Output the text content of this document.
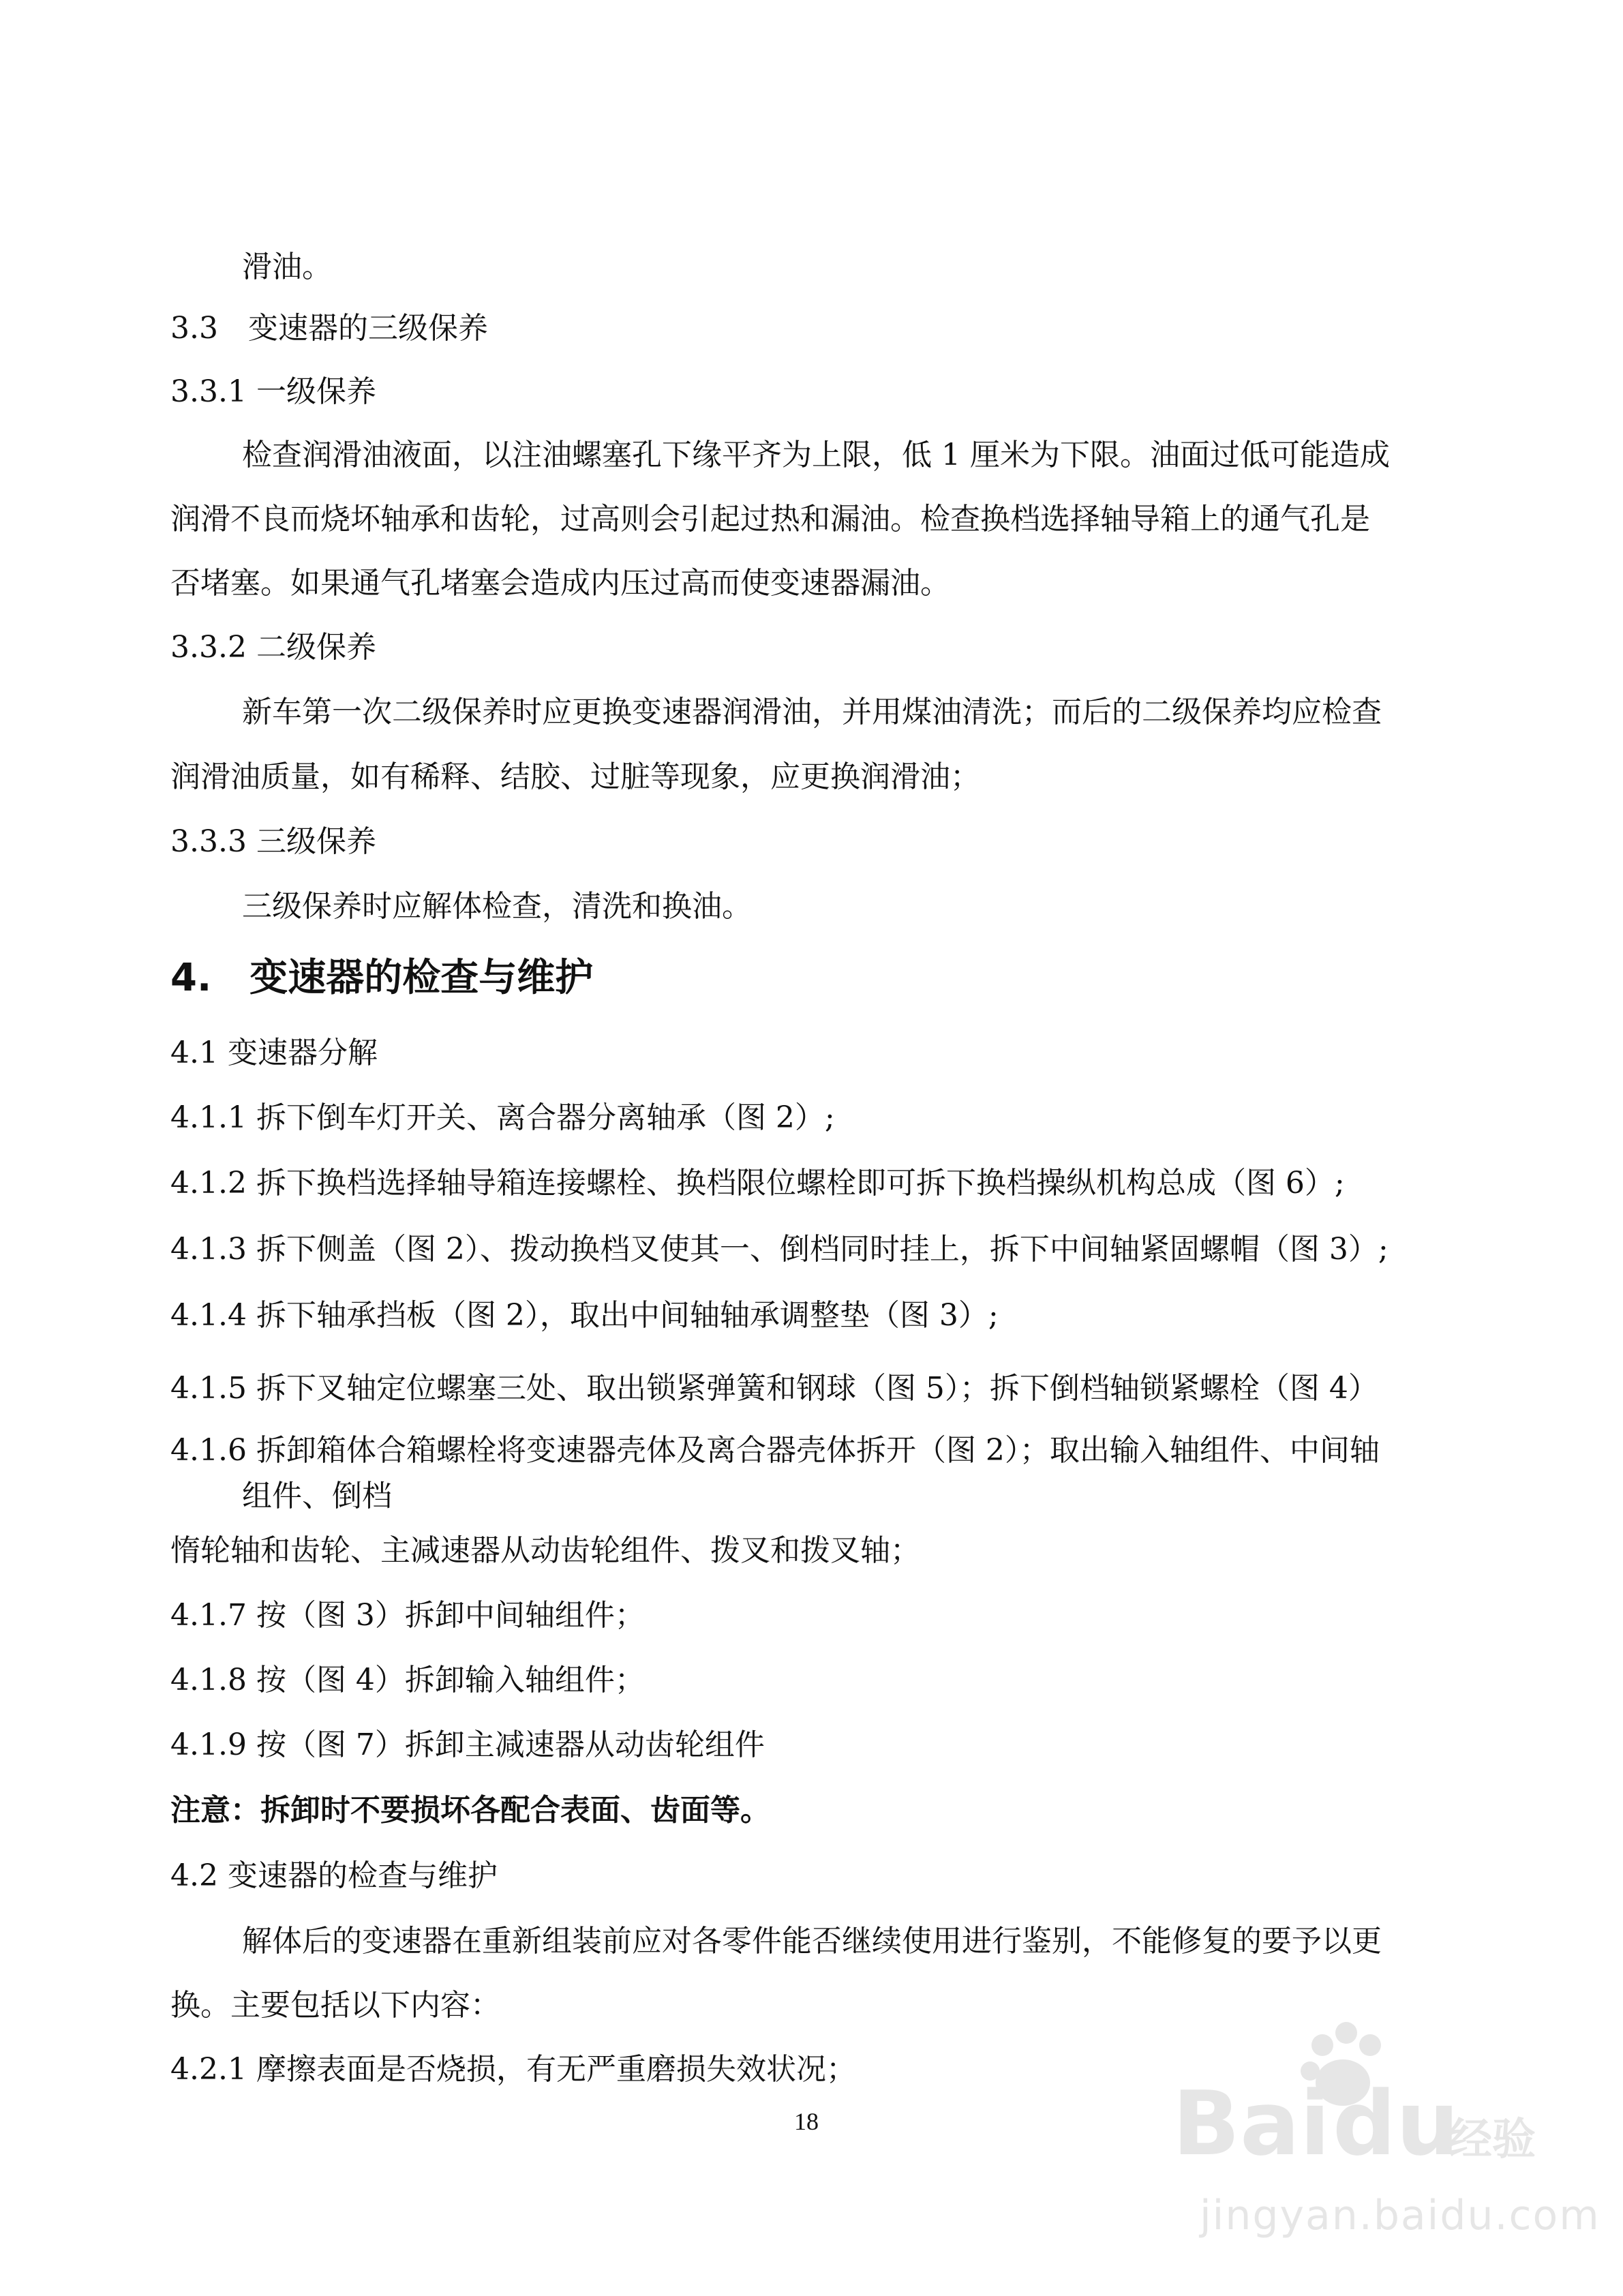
滑油。

3.3　变速器的三级保养

3.3.1 一级保养

检查润滑油液面，以注油螺塞孔下缘平齐为上限，低 1 厘米为下限。油面过低可能造成

润滑不良而烧坏轴承和齿轮，过高则会引起过热和漏油。检查换档选择轴导箱上的通气孔是

否堵塞。如果通气孔堵塞会造成内压过高而使变速器漏油。

3.3.2 二级保养

新车第一次二级保养时应更换变速器润滑油，并用煤油清洗；而后的二级保养均应检查

润滑油质量，如有稀释、结胶、过脏等现象，应更换润滑油；

3.3.3 三级保养

三级保养时应解体检查，清洗和换油。

4.　变速器的检查与维护

4.1 变速器分解

4.1.1 拆下倒车灯开关、离合器分离轴承（图 2）;

4.1.2 拆下换档选择轴导箱连接螺栓、换档限位螺栓即可拆下换档操纵机构总成（图 6）;

4.1.3 拆下侧盖（图 2）、拨动换档叉使其一、倒档同时挂上，拆下中间轴紧固螺帽（图 3）;

4.1.4 拆下轴承挡板（图 2），取出中间轴轴承调整垫（图 3）;

4.1.5 拆下叉轴定位螺塞三处、取出锁紧弹簧和钢球（图 5）；拆下倒档轴锁紧螺栓（图 4）

4.1.6 拆卸箱体合箱螺栓将变速器壳体及离合器壳体拆开（图 2）；取出输入轴组件、中间轴

组件、倒档

惰轮轴和齿轮、主减速器从动齿轮组件、拨叉和拨叉轴；

4.1.7 按（图 3）拆卸中间轴组件；

4.1.8 按（图 4）拆卸输入轴组件；

4.1.9 按（图 7）拆卸主减速器从动齿轮组件

注意：拆卸时不要损坏各配合表面、齿面等。

4.2 变速器的检查与维护

解体后的变速器在重新组装前应对各零件能否继续使用进行鉴别，不能修复的要予以更

换。主要包括以下内容：

4.2.1 摩擦表面是否烧损，有无严重磨损失效状况；

18	Bai du
经验

jingyan.baidu.com
